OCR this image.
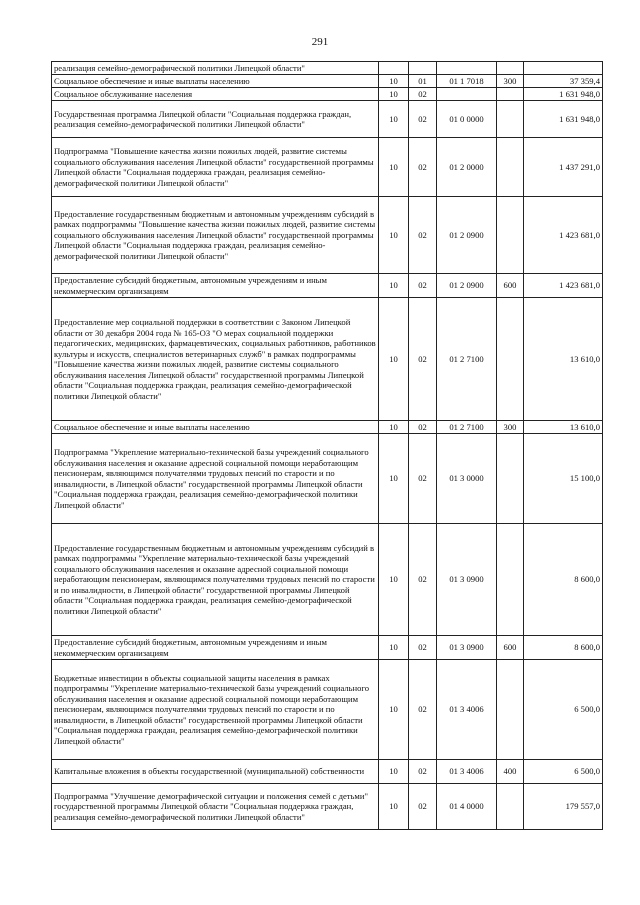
291
реализация семейно-демографической политики Липецкой области"					
Социальное обеспечение и иные выплаты населению	10	01	01 1 7018	300	37 359,4
Социальное обслуживание населения	10	02			1 631 948,0
Государственная программа Липецкой области "Социальная поддержка граждан, реализация семейно-демографической политики Липецкой области"	10	02	01 0 0000		1 631 948,0
Подпрограмма "Повышение качества жизни пожилых людей, развитие системы социального обслуживания населения Липецкой области" государственной программы Липецкой области "Социальная поддержка граждан, реализация семейно-демографической политики Липецкой области"	10	02	01 2 0000		1 437 291,0
Предоставление государственным бюджетным и автономным учреждениям субсидий в рамках подпрограммы "Повышение качества жизни пожилых людей, развитие системы социального обслуживания населения Липецкой области" государственной программы Липецкой области "Социальная поддержка граждан, реализация семейно-демографической политики Липецкой области"	10	02	01 2 0900		1 423 681,0
Предоставление субсидий бюджетным, автономным учреждениям и иным некоммерческим организациям	10	02	01 2 0900	600	1 423 681,0
Предоставление мер социальной поддержки в соответствии с Законом Липецкой области от 30 декабря 2004 года № 165-ОЗ "О мерах социальной поддержки педагогических, медицинских, фармацевтических, социальных работников, работников культуры и искусств, специалистов ветеринарных служб" в рамках подпрограммы "Повышение качества жизни пожилых людей, развитие системы социального обслуживания населения Липецкой области" государственной программы Липецкой области "Социальная поддержка граждан, реализация семейно-демографической политики Липецкой области"	10	02	01 2 7100		13 610,0
Социальное обеспечение и иные выплаты населению	10	02	01 2 7100	300	13 610,0
Подпрограмма "Укрепление материально-технической базы учреждений социального обслуживания населения и оказание адресной социальной помощи неработающим пенсионерам, являющимся получателями трудовых пенсий по старости и по инвалидности, в Липецкой области" государственной программы Липецкой области "Социальная поддержка граждан, реализация семейно-демографической политики Липецкой области"	10	02	01 3 0000		15 100,0
Предоставление государственным бюджетным и автономным учреждениям субсидий в рамках подпрограммы "Укрепление материально-технической базы учреждений социального обслуживания населения и оказание адресной социальной помощи неработающим пенсионерам, являющимся получателями трудовых пенсий по старости и по инвалидности, в Липецкой области" государственной программы Липецкой области "Социальная поддержка граждан, реализация семейно-демографической политики Липецкой области"	10	02	01 3 0900		8 600,0
Предоставление субсидий бюджетным, автономным учреждениям и иным некоммерческим организациям	10	02	01 3 0900	600	8 600,0
Бюджетные инвестиции в объекты социальной защиты населения в рамках подпрограммы "Укрепление материально-технической базы учреждений социального обслуживания населения и оказание адресной социальной помощи неработающим пенсионерам, являющимся получателями трудовых пенсий по старости и по инвалидности, в Липецкой области" государственной программы Липецкой области "Социальная поддержка граждан, реализация семейно-демографической политики Липецкой области"	10	02	01 3 4006		6 500,0
Капитальные вложения в объекты государственной (муниципальной) собственности	10	02	01 3 4006	400	6 500,0
Подпрограмма "Улучшение демографической ситуации и положения семей с детьми" государственной программы Липецкой области "Социальная поддержка граждан, реализация семейно-демографической политики Липецкой области"	10	02	01 4 0000		179 557,0
